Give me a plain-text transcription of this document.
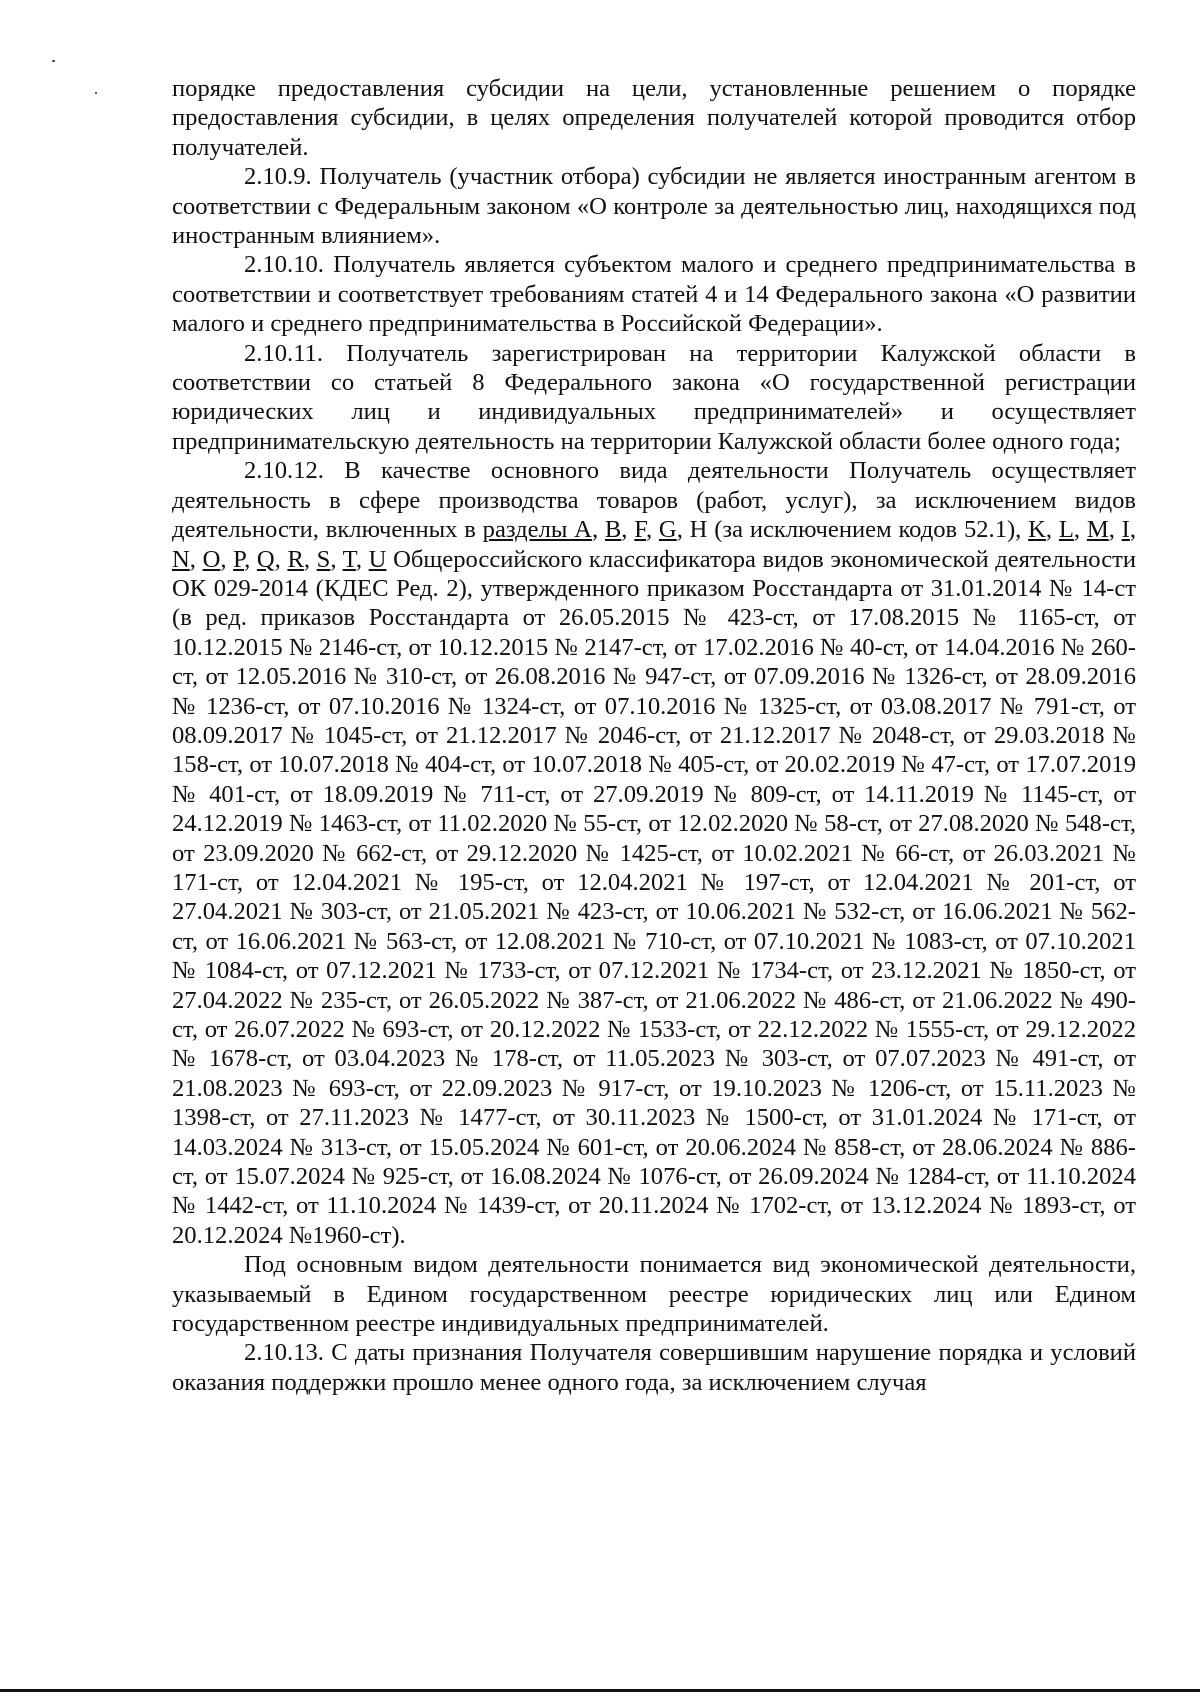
порядке предоставления субсидии на цели, установленные решением о порядке предоставления субсидии, в целях определения получателей которой проводится отбор получателей.

2.10.9. Получатель (участник отбора) субсидии не является иностранным агентом в соответствии с Федеральным законом «О контроле за деятельностью лиц, находящихся под иностранным влиянием».

2.10.10. Получатель является субъектом малого и среднего предпринимательства в соответствии и соответствует требованиям статей 4 и 14 Федерального закона «О развитии малого и среднего предпринимательства в Российской Федерации».

2.10.11. Получатель зарегистрирован на территории Калужской области в соответствии со статьей 8 Федерального закона «О государственной регистрации юридических лиц и индивидуальных предпринимателей» и осуществляет предпринимательскую деятельность на территории Калужской области более одного года;

2.10.12. В качестве основного вида деятельности Получатель осуществляет деятельность в сфере производства товаров (работ, услуг), за исключением видов деятельности, включенных в разделы A, B, F, G, H (за исключением кодов 52.1), K, L, M, I, N, O, P, Q, R, S, T, U Общероссийского классификатора видов экономической деятельности ОК 029-2014 (КДЕС Ред. 2), утвержденного приказом Росстандарта от 31.01.2014 № 14-ст (в ред. приказов Росстандарта от 26.05.2015 № 423-ст, от 17.08.2015 № 1165-ст, от 10.12.2015 № 2146-ст, от 10.12.2015 № 2147-ст, от 17.02.2016 № 40-ст, от 14.04.2016 № 260-ст, от 12.05.2016 № 310-ст, от 26.08.2016 № 947-ст, от 07.09.2016 № 1326-ст, от 28.09.2016 № 1236-ст, от 07.10.2016 № 1324-ст, от 07.10.2016 № 1325-ст, от 03.08.2017 № 791-ст, от 08.09.2017 № 1045-ст, от 21.12.2017 № 2046-ст, от 21.12.2017 № 2048-ст, от 29.03.2018 № 158-ст, от 10.07.2018 № 404-ст, от 10.07.2018 № 405-ст, от 20.02.2019 № 47-ст, от 17.07.2019 № 401-ст, от 18.09.2019 № 711-ст, от 27.09.2019 № 809-ст, от 14.11.2019 № 1145-ст, от 24.12.2019 № 1463-ст, от 11.02.2020 № 55-ст, от 12.02.2020 № 58-ст, от 27.08.2020 № 548-ст, от 23.09.2020 № 662-ст, от 29.12.2020 № 1425-ст, от 10.02.2021 № 66-ст, от 26.03.2021 № 171-ст, от 12.04.2021 № 195-ст, от 12.04.2021 № 197-ст, от 12.04.2021 № 201-ст, от 27.04.2021 № 303-ст, от 21.05.2021 № 423-ст, от 10.06.2021 № 532-ст, от 16.06.2021 № 562-ст, от 16.06.2021 № 563-ст, от 12.08.2021 № 710-ст, от 07.10.2021 № 1083-ст, от 07.10.2021 № 1084-ст, от 07.12.2021 № 1733-ст, от 07.12.2021 № 1734-ст, от 23.12.2021 № 1850-ст, от 27.04.2022 № 235-ст, от 26.05.2022 № 387-ст, от 21.06.2022 № 486-ст, от 21.06.2022 № 490-ст, от 26.07.2022 № 693-ст, от 20.12.2022 № 1533-ст, от 22.12.2022 № 1555-ст, от 29.12.2022 № 1678-ст, от 03.04.2023 № 178-ст, от 11.05.2023 № 303-ст, от 07.07.2023 № 491-ст, от 21.08.2023 № 693-ст, от 22.09.2023 № 917-ст, от 19.10.2023 № 1206-ст, от 15.11.2023 № 1398-ст, от 27.11.2023 № 1477-ст, от 30.11.2023 № 1500-ст, от 31.01.2024 № 171-ст, от 14.03.2024 № 313-ст, от 15.05.2024 № 601-ст, от 20.06.2024 № 858-ст, от 28.06.2024 № 886-ст, от 15.07.2024 № 925-ст, от 16.08.2024 № 1076-ст, от 26.09.2024 № 1284-ст, от 11.10.2024 № 1442-ст, от 11.10.2024 № 1439-ст, от 20.11.2024 № 1702-ст, от 13.12.2024 № 1893-ст, от 20.12.2024 №1960-ст).

Под основным видом деятельности понимается вид экономической деятельности, указываемый в Едином государственном реестре юридических лиц или Едином государственном реестре индивидуальных предпринимателей.

2.10.13. С даты признания Получателя совершившим нарушение порядка и условий оказания поддержки прошло менее одного года, за исключением случая
